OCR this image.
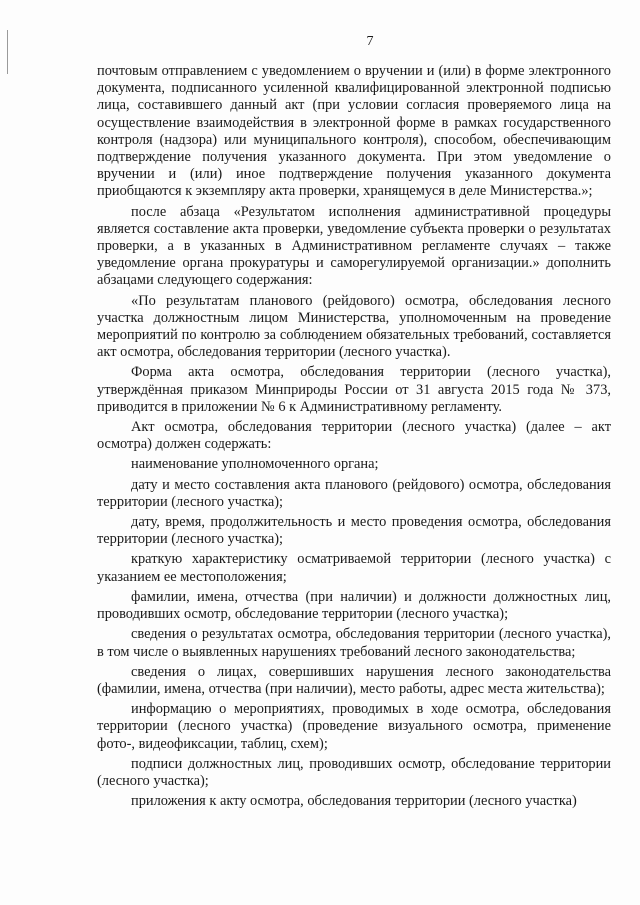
7

почтовым отправлением с уведомлением о вручении и (или) в форме электронного документа, подписанного усиленной квалифицированной электронной подписью лица, составившего данный акт (при условии согласия проверяемого лица на осуществление взаимодействия в электронной форме в рамках государственного контроля (надзора) или муниципального контроля), способом, обеспечивающим подтверждение получения указанного документа. При этом уведомление о вручении и (или) иное подтверждение получения указанного документа приобщаются к экземпляру акта проверки, хранящемуся в деле Министерства.»;

после абзаца «Результатом исполнения административной процедуры является составление акта проверки, уведомление субъекта проверки о результатах проверки, а в указанных в Административном регламенте случаях – также уведомление органа прокуратуры и саморегулируемой организации.» дополнить абзацами следующего содержания:

«По результатам планового (рейдового) осмотра, обследования лесного участка должностным лицом Министерства, уполномоченным на проведение мероприятий по контролю за соблюдением обязательных требований, составляется акт осмотра, обследования территории (лесного участка).

Форма акта осмотра, обследования территории (лесного участка), утверждённая приказом Минприроды России от 31 августа 2015 года № 373, приводится в приложении № 6 к Административному регламенту.

Акт осмотра, обследования территории (лесного участка) (далее – акт осмотра) должен содержать:

наименование уполномоченного органа;

дату и место составления акта планового (рейдового) осмотра, обследования территории (лесного участка);

дату, время, продолжительность и место проведения осмотра, обследования территории (лесного участка);

краткую характеристику осматриваемой территории (лесного участка) с указанием ее местоположения;

фамилии, имена, отчества (при наличии) и должности должностных лиц, проводивших осмотр, обследование территории (лесного участка);

сведения о результатах осмотра, обследования территории (лесного участка), в том числе о выявленных нарушениях требований лесного законодательства;

сведения о лицах, совершивших нарушения лесного законодательства (фамилии, имена, отчества (при наличии), место работы, адрес места жительства);

информацию о мероприятиях, проводимых в ходе осмотра, обследования территории (лесного участка) (проведение визуального осмотра, применение фото-, видеофиксации, таблиц, схем);

подписи должностных лиц, проводивших осмотр, обследование территории (лесного участка);

приложения к акту осмотра, обследования территории (лесного участка)
